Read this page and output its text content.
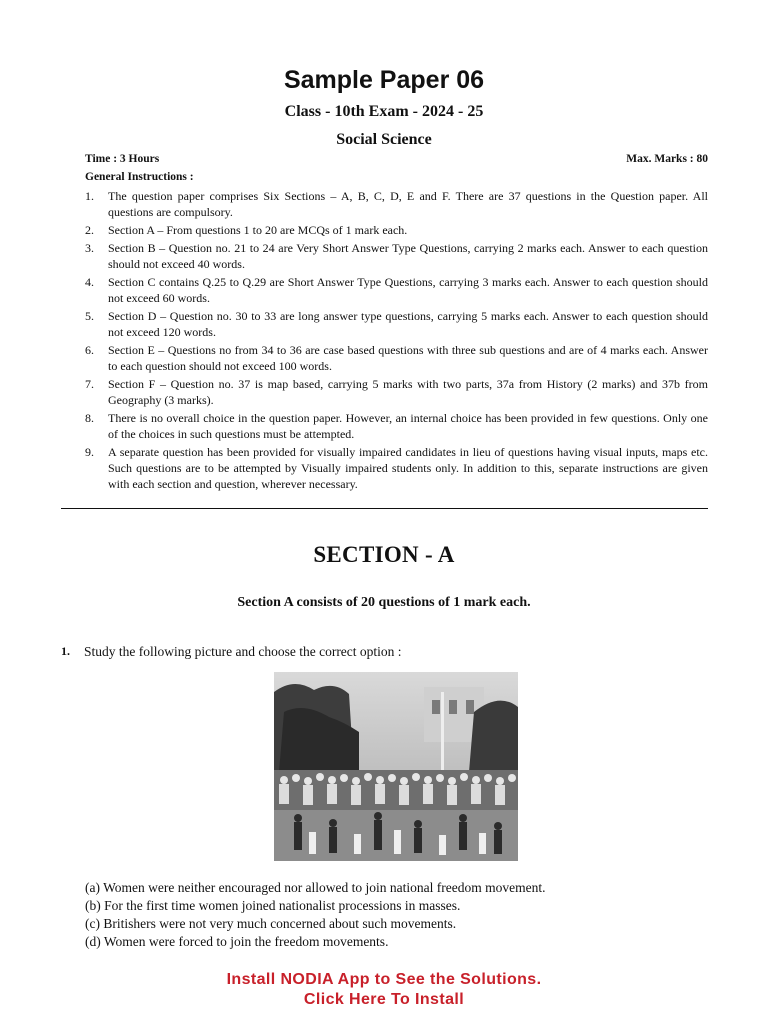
Sample Paper 06
Class - 10th Exam - 2024 - 25
Social Science
Time : 3 Hours	Max. Marks : 80
General Instructions :
1. The question paper comprises Six Sections – A, B, C, D, E and F. There are 37 questions in the Question paper. All questions are compulsory.
2. Section A – From questions 1 to 20 are MCQs of 1 mark each.
3. Section B – Question no. 21 to 24 are Very Short Answer Type Questions, carrying 2 marks each. Answer to each question should not exceed 40 words.
4. Section C contains Q.25 to Q.29 are Short Answer Type Questions, carrying 3 marks each. Answer to each question should not exceed 60 words.
5. Section D – Question no. 30 to 33 are long answer type questions, carrying 5 marks each. Answer to each question should not exceed 120 words.
6. Section E – Questions no from 34 to 36 are case based questions with three sub questions and are of 4 marks each. Answer to each question should not exceed 100 words.
7. Section F – Question no. 37 is map based, carrying 5 marks with two parts, 37a from History (2 marks) and 37b from Geography (3 marks).
8. There is no overall choice in the question paper. However, an internal choice has been provided in few questions. Only one of the choices in such questions must be attempted.
9. A separate question has been provided for visually impaired candidates in lieu of questions having visual inputs, maps etc. Such questions are to be attempted by Visually impaired students only. In addition to this, separate instructions are given with each section and question, wherever necessary.
SECTION - A
Section A consists of 20 questions of 1 mark each.
1. Study the following picture and choose the correct option :
(a) Women were neither encouraged nor allowed to join national freedom movement.
(b) For the first time women joined nationalist processions in masses.
(c) Britishers were not very much concerned about such movements.
(d) Women were forced to join the freedom movements.
Install NODIA App to See the Solutions.
Click Here To Install
